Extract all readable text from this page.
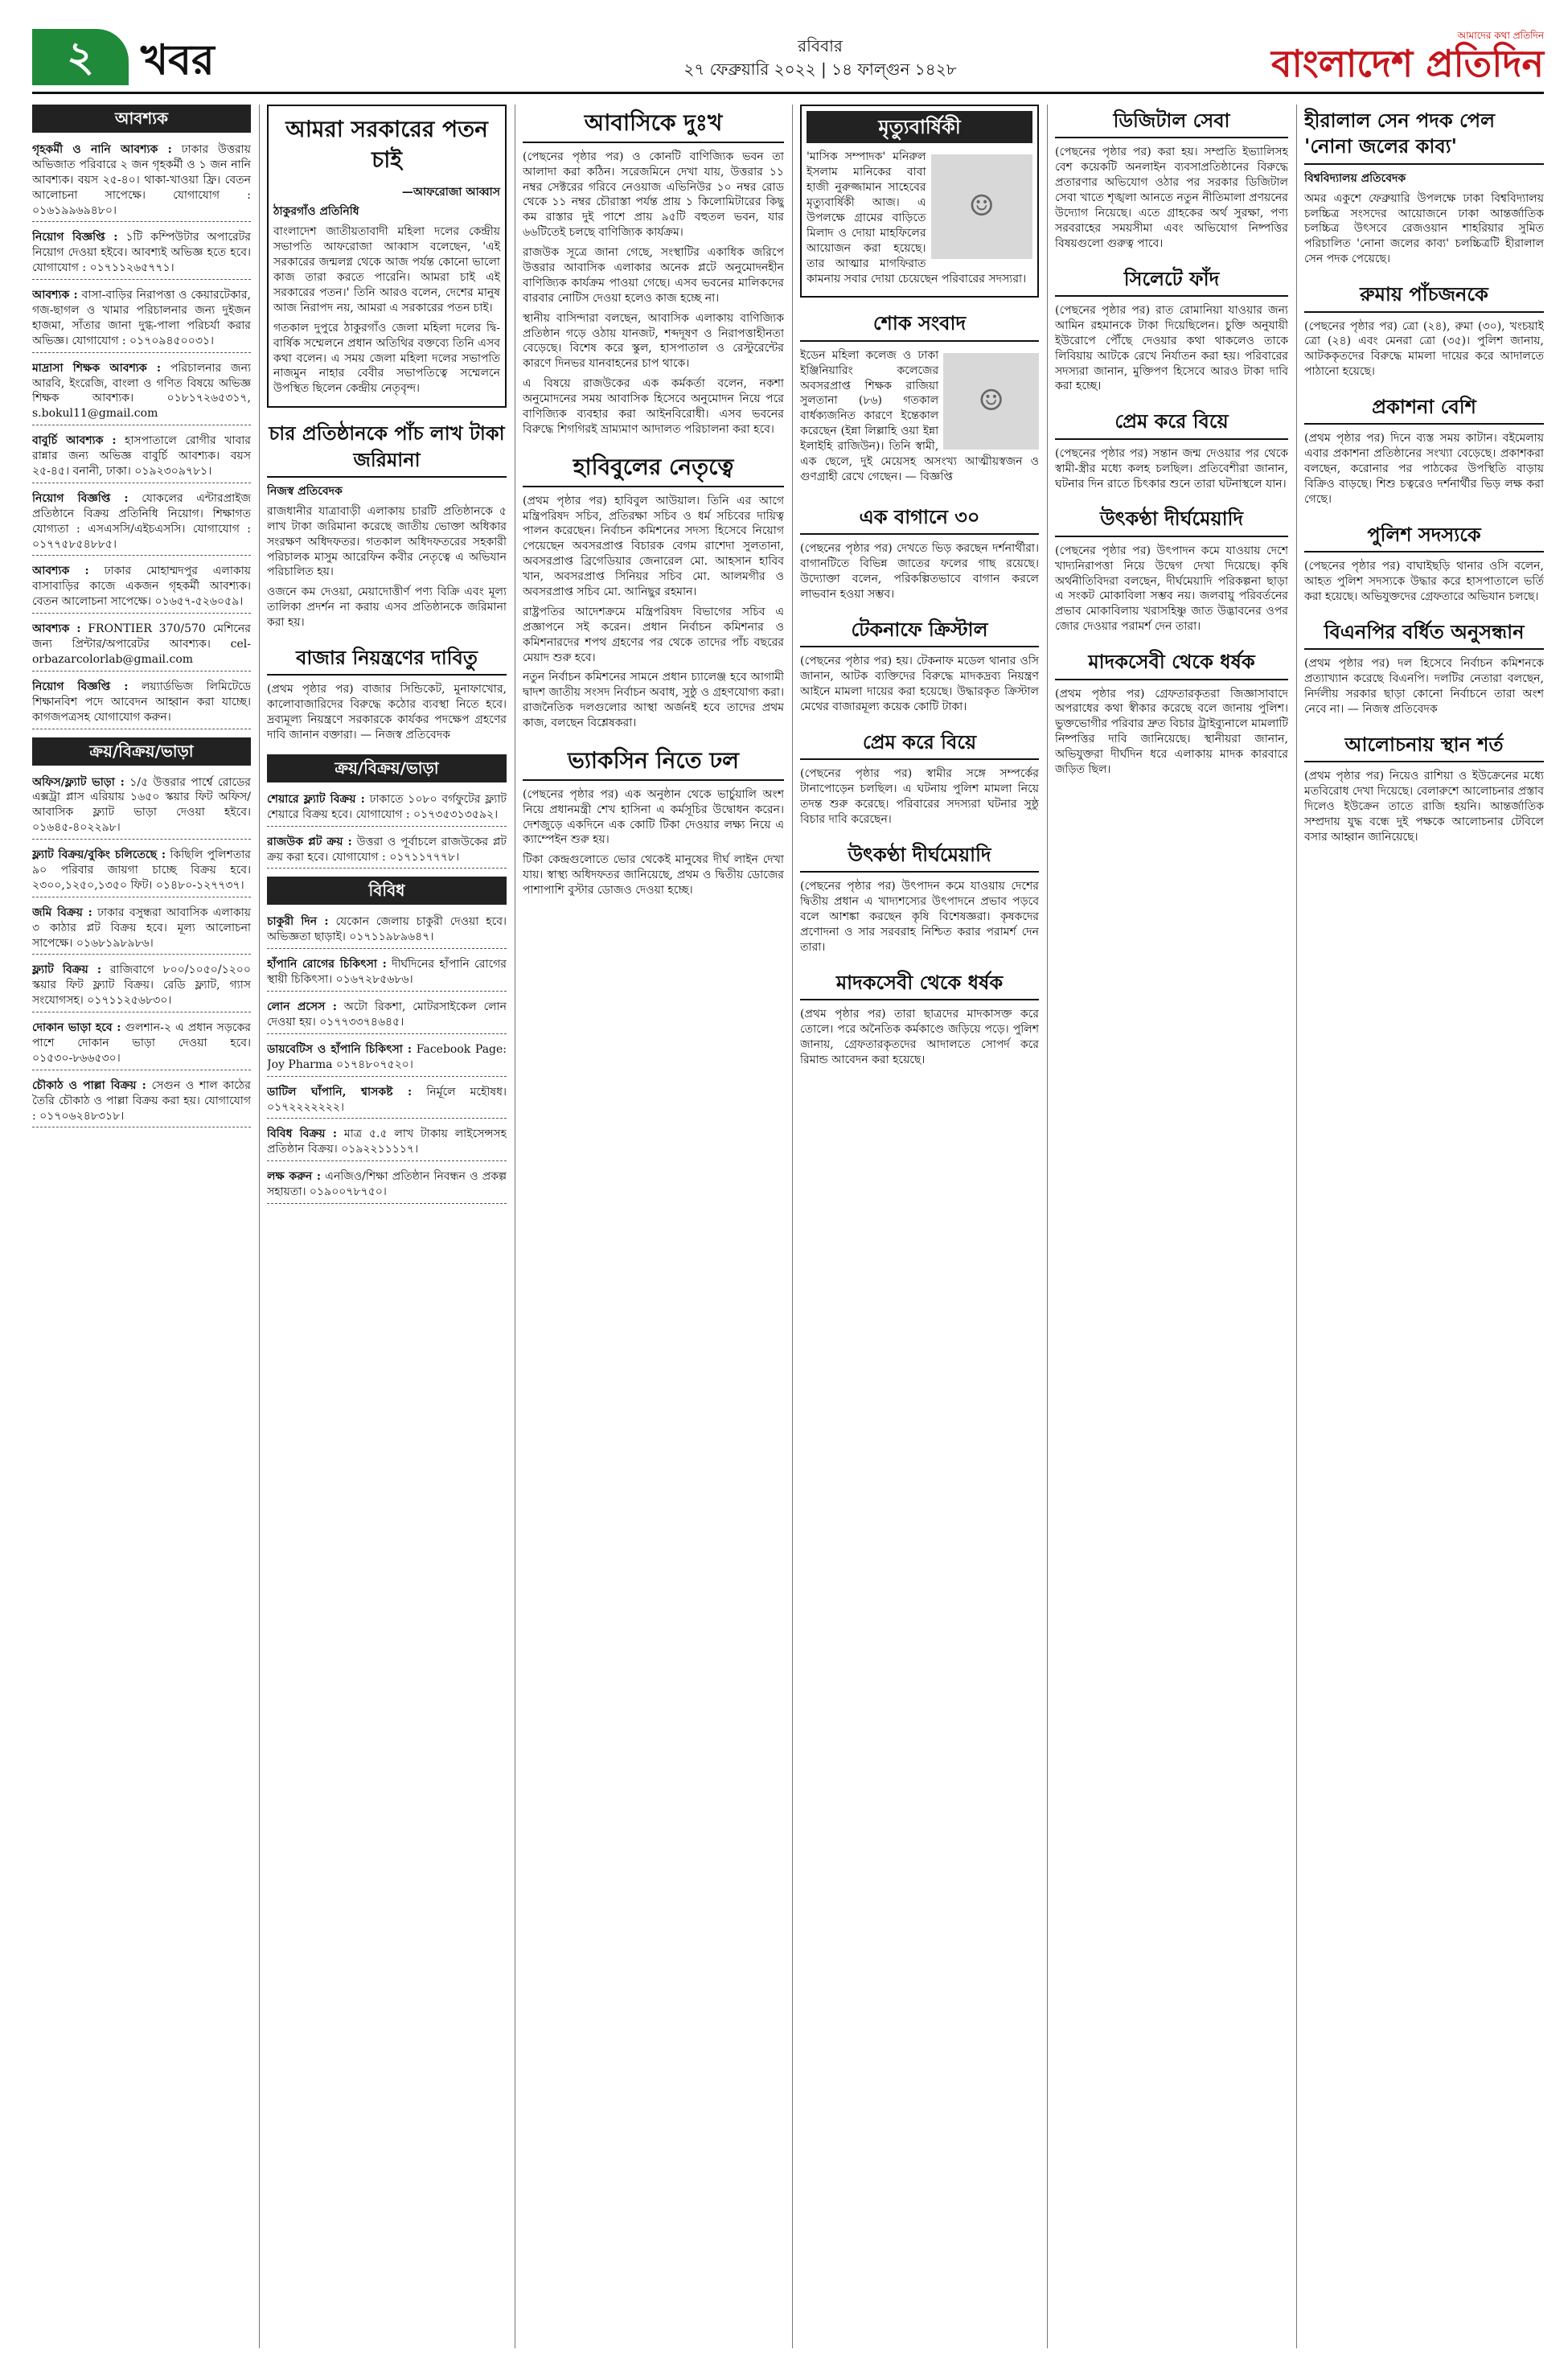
২	খবর	রবিবার
২৭ ফেব্রুয়ারি ২০২২ | ১৪ ফাল্গুন ১৪২৮
আমাদের কথা প্রতিদিন
বাংলাদেশ প্রতিদিন
আবশ্যক

গৃহকর্মী ও নানি আবশ্যক : ঢাকার উত্তরায় অভিজাত পরিবারে ২ জন গৃহকর্মী ও ১ জন নানি আবশ্যক। বয়স ২৫-৪০। থাকা-খাওয়া ফ্রি। বেতন আলোচনা সাপেক্ষে। যোগাযোগ : ০১৬১৯৯৬৯৪৮০।

নিয়োগ বিজ্ঞপ্তি : ১টি কম্পিউটার অপারেটর নিয়োগ দেওয়া হইবে। আবশ্যই অভিজ্ঞ হতে হবে। যোগাযোগ : ০১৭১১২৬৫৭৭১।

আবশ্যক : বাসা-বাড়ির নিরাপত্তা ও কেয়ারটেকার, গজ-ছাগল ও খামার পরিচালনার জন্য দুইজন হাজমা, সাঁতার জানা দুগ্ধ-পালা পরিচর্যা করার অভিজ্ঞ। যোগাযোগ : ০১৭০৯৪৫০০৩১।

মাদ্রাসা শিক্ষক আবশ্যক : পরিচালনার জন্য আরবি, ইংরেজি, বাংলা ও গণিত বিষয়ে অভিজ্ঞ শিক্ষক আবশ্যক। ০১৮১৭২৬৫৩১৭, s.bokul11@gmail.com

বাবুর্চি আবশ্যক : হাসপাতালে রোগীর খাবার রান্নার জন্য অভিজ্ঞ বাবুর্চি আবশ্যক। বয়স ২৫-৪৫। বনানী, ঢাকা। ০১৯২৩০৯৭৮১।

নিয়োগ বিজ্ঞপ্তি : যোকলের এন্টারপ্রাইজ প্রতিষ্ঠানে বিক্রয় প্রতিনিধি নিয়োগ। শিক্ষাগত যোগ্যতা : এসএসসি/এইচএসসি। যোগাযোগ : ০১৭৭৫৮৫৪৮৮৫।

আবশ্যক : ঢাকার মোহাম্মদপুর এলাকায় বাসাবাড়ির কাজে একজন গৃহকর্মী আবশ্যক। বেতন আলোচনা সাপেক্ষে। ০১৬৫৭-৫২৬০৫৯।

আবশ্যক : FRONTIER 370/570 মেশিনের জন্য প্রিন্টার/অপারেটর আবশ্যক। cel-orbazarcolorlab@gmail.com

নিয়োগ বিজ্ঞপ্তি : লয়্যার্ডভিজ লিমিটেডে শিক্ষানবিশ পদে আবেদন আহ্বান করা যাচ্ছে। কাগজপত্রসহ যোগাযোগ করুন।

ক্রয়/বিক্রয়/ভাড়া

অফিস/ফ্ল্যাট ভাড়া : ১/৫ উত্তরার পার্শ্বে রোডের এক্সট্রা প্লাস এরিয়ায় ১৬৫০ স্কয়ার ফিট অফিস/আবাসিক ফ্ল্যাট ভাড়া দেওয়া হইবে। ০১৬৪৫-৪০২২৯৮।

ফ্ল্যাট বিক্রয়/বুকিং চলিতেছে : কিছিলি পুলিশতার ৯০ পরিবার জায়গা চাচ্ছে বিক্রয় হবে। ২৩০০,১২৫০,১৩৫০ ফিট। ০১৪৮০-১২৭৭৩৭।

জমি বিক্রয় : ঢাকার বসুন্ধরা আবাসিক এলাকায় ৩ কাঠার প্লট বিক্রয় হবে। মূল্য আলোচনা সাপেক্ষে। ০১৬৮১৯৮৯৮৬।

ফ্ল্যাট বিক্রয় : রাজিবাগে ৮০০/১০৫০/১২০০ স্কয়ার ফিট ফ্ল্যাট বিক্রয়। রেডি ফ্ল্যাট, গ্যাস সংযোগসহ। ০১৭১১২৫৬৮৩০।

দোকান ভাড়া হবে : গুলশান-২ এ প্রধান সড়কের পাশে দোকান ভাড়া দেওয়া হবে। ০১৫৩০-৮৬৬৫৩০।

চৌকাঠ ও পাল্লা বিক্রয় : সেগুন ও শাল কাঠের তৈরি চৌকাঠ ও পাল্লা বিক্রয় করা হয়। যোগাযোগ : ০১৭০৬২৪৮৩১৮।

আমরা সরকারের পতন চাই
—আফরোজা আব্বাস
ঠাকুরগাঁও প্রতিনিধি

বাংলাদেশ জাতীয়তাবাদী মহিলা দলের কেন্দ্রীয় সভাপতি আফরোজা আব্বাস বলেছেন, 'এই সরকারের জন্মলগ্ন থেকে আজ পর্যন্ত কোনো ভালো কাজ তারা করতে পারেনি। আমরা চাই এই সরকারের পতন।' তিনি আরও বলেন, দেশের মানুষ আজ নিরাপদ নয়, আমরা এ সরকারের পতন চাই।

গতকাল দুপুরে ঠাকুরগাঁও জেলা মহিলা দলের দ্বি-বার্ষিক সম্মেলনে প্রধান অতিথির বক্তব্যে তিনি এসব কথা বলেন। এ সময় জেলা মহিলা দলের সভাপতি নাজমুন নাহার বেবীর সভাপতিত্বে সম্মেলনে উপস্থিত ছিলেন কেন্দ্রীয় নেতৃবৃন্দ।

চার প্রতিষ্ঠানকে পাঁচ লাখ টাকা জরিমানা
নিজস্ব প্রতিবেদক

রাজধানীর যাত্রাবাড়ী এলাকায় চারটি প্রতিষ্ঠানকে ৫ লাখ টাকা জরিমানা করেছে জাতীয় ভোক্তা অধিকার সংরক্ষণ অধিদফতর। গতকাল অধিদফতরের সহকারী পরিচালক মাসুম আরেফিন কবীর নেতৃত্বে এ অভিযান পরিচালিত হয়।

ওজনে কম দেওয়া, মেয়াদোত্তীর্ণ পণ্য বিক্রি এবং মূল্য তালিকা প্রদর্শন না করায় এসব প্রতিষ্ঠানকে জরিমানা করা হয়।

বাজার নিয়ন্ত্রণের দাবিতু

(প্রথম পৃষ্ঠার পর) বাজার সিন্ডিকেট, মুনাফাখোর, কালোবাজারিদের বিরুদ্ধে কঠোর ব্যবস্থা নিতে হবে। দ্রব্যমূল্য নিয়ন্ত্রণে সরকারকে কার্যকর পদক্ষেপ গ্রহণের দাবি জানান বক্তারা। — নিজস্ব প্রতিবেদক

ক্রয়/বিক্রয়/ভাড়া

শেয়ারে ফ্ল্যাট বিক্রয় : ঢাকাতে ১০৮০ বর্গফুটের ফ্ল্যাট শেয়ারে বিক্রয় হবে। যোগাযোগ : ০১৭৩৫৩১৩৫৯২।

রাজউক প্লট ক্রয় : উত্তরা ও পূর্বাচলে রাজউকের প্লট ক্রয় করা হবে। যোগাযোগ : ০১৭১১৭৭৭৮।

বিবিধ

চাকুরী দিন : যেকোন জেলায় চাকুরী দেওয়া হবে। অভিজ্ঞতা ছাড়াই। ০১৭১১৯৮৯৬৪৭।

হাঁপানি রোগের চিকিৎসা : দীর্ঘদিনের হাঁপানি রোগের স্থায়ী চিকিৎসা। ০১৬৭২৮৫৬৮৬।

লোন প্রসেস : অটো রিকশা, মোটরসাইকেল লোন দেওয়া হয়। ০১৭৭৩৩৭৪৬৪৫।

ডায়বেটিস ও হাঁপানি চিকিৎসা : Facebook Page: Joy Pharma ০১৭৪৮০৭৫২০।

ডাটিল ঘাঁপানি, শ্বাসকষ্ট : নির্মূলে মহৌষধ। ০১৭২২২২২২২।

বিবিধ বিক্রয় : মাত্র ৫.৫ লাখ টাকায় লাইসেন্সসহ প্রতিষ্ঠান বিক্রয়। ০১৯২২১১১১৭।

লক্ষ করুন : এনজিও/শিক্ষা প্রতিষ্ঠান নিবন্ধন ও প্রকল্প সহায়তা। ০১৯০০৭৮৭৫০।

আবাসিকে দুঃখ

(পেছনের পৃষ্ঠার পর) ও কোনটি বাণিজ্যিক ভবন তা আলাদা করা কঠিন। সরেজমিনে দেখা যায়, উত্তরার ১১ নম্বর সেক্টরের গরিবে নেওয়াজ এভিনিউর ১০ নম্বর রোড থেকে ১১ নম্বর চৌরাস্তা পর্যন্ত প্রায় ১ কিলোমিটারের কিছু কম রাস্তার দুই পাশে প্রায় ৯৫টি বহুতল ভবন, যার ৬৬টিতেই চলছে বাণিজ্যিক কার্যক্রম।

রাজউক সূত্রে জানা গেছে, সংস্থাটির একাধিক জরিপে উত্তরার আবাসিক এলাকার অনেক প্লটে অনুমোদনহীন বাণিজ্যিক কার্যক্রম পাওয়া গেছে। এসব ভবনের মালিকদের বারবার নোটিস দেওয়া হলেও কাজ হচ্ছে না।

স্থানীয় বাসিন্দারা বলছেন, আবাসিক এলাকায় বাণিজ্যিক প্রতিষ্ঠান গড়ে ওঠায় যানজট, শব্দদূষণ ও নিরাপত্তাহীনতা বেড়েছে। বিশেষ করে স্কুল, হাসপাতাল ও রেস্টুরেন্টের কারণে দিনভর যানবাহনের চাপ থাকে।

এ বিষয়ে রাজউকের এক কর্মকর্তা বলেন, নকশা অনুমোদনের সময় আবাসিক হিসেবে অনুমোদন নিয়ে পরে বাণিজ্যিক ব্যবহার করা আইনবিরোধী। এসব ভবনের বিরুদ্ধে শিগগিরই ভ্রাম্যমাণ আদালত পরিচালনা করা হবে।

হাবিবুলের নেতৃত্বে

(প্রথম পৃষ্ঠার পর) হাবিবুল আউয়াল। তিনি এর আগে মন্ত্রিপরিষদ সচিব, প্রতিরক্ষা সচিব ও ধর্ম সচিবের দায়িত্ব পালন করেছেন। নির্বাচন কমিশনের সদস্য হিসেবে নিয়োগ পেয়েছেন অবসরপ্রাপ্ত বিচারক বেগম রাশেদা সুলতানা, অবসরপ্রাপ্ত ব্রিগেডিয়ার জেনারেল মো. আহসান হাবিব খান, অবসরপ্রাপ্ত সিনিয়র সচিব মো. আলমগীর ও অবসরপ্রাপ্ত সচিব মো. আনিছুর রহমান।

রাষ্ট্রপতির আদেশক্রমে মন্ত্রিপরিষদ বিভাগের সচিব এ প্রজ্ঞাপনে সই করেন। প্রধান নির্বাচন কমিশনার ও কমিশনারদের শপথ গ্রহণের পর থেকে তাদের পাঁচ বছরের মেয়াদ শুরু হবে।

নতুন নির্বাচন কমিশনের সামনে প্রধান চ্যালেঞ্জ হবে আগামী দ্বাদশ জাতীয় সংসদ নির্বাচন অবাধ, সুষ্ঠু ও গ্রহণযোগ্য করা। রাজনৈতিক দলগুলোর আস্থা অর্জনই হবে তাদের প্রথম কাজ, বলছেন বিশ্লেষকরা।

ভ্যাকসিন নিতে ঢল

(পেছনের পৃষ্ঠার পর) এক অনুষ্ঠান থেকে ভার্চুয়ালি অংশ নিয়ে প্রধানমন্ত্রী শেখ হাসিনা এ কর্মসূচির উদ্বোধন করেন। দেশজুড়ে একদিনে এক কোটি টিকা দেওয়ার লক্ষ্য নিয়ে এ ক্যাম্পেইন শুরু হয়।

টিকা কেন্দ্রগুলোতে ভোর থেকেই মানুষের দীর্ঘ লাইন দেখা যায়। স্বাস্থ্য অধিদফতর জানিয়েছে, প্রথম ও দ্বিতীয় ডোজের পাশাপাশি বুস্টার ডোজও দেওয়া হচ্ছে।

মৃত্যুবার্ষিকী
☺

'মাসিক সম্পাদক' মনিরুল ইসলাম মানিকের বাবা হাজী নুরুজ্জামান সাহেবের মৃত্যুবার্ষিকী আজ। এ উপলক্ষে গ্রামের বাড়িতে মিলাদ ও দোয়া মাহফিলের আয়োজন করা হয়েছে। তার আত্মার মাগফিরাত কামনায় সবার দোয়া চেয়েছেন পরিবারের সদস্যরা।

শোক সংবাদ
☺

ইডেন মহিলা কলেজ ও ঢাকা ইঞ্জিনিয়ারিং কলেজের অবসরপ্রাপ্ত শিক্ষক রাজিয়া সুলতানা (৮৬) গতকাল বার্ধক্যজনিত কারণে ইন্তেকাল করেছেন (ইন্না লিল্লাহি ওয়া ইন্না ইলাইহি রাজিউন)। তিনি স্বামী, এক ছেলে, দুই মেয়েসহ অসংখ্য আত্মীয়স্বজন ও গুণগ্রাহী রেখে গেছেন। — বিজ্ঞপ্তি

এক বাগানে ৩০

(পেছনের পৃষ্ঠার পর) দেখতে ভিড় করছেন দর্শনার্থীরা। বাগানটিতে বিভিন্ন জাতের ফলের গাছ রয়েছে। উদ্যোক্তা বলেন, পরিকল্পিতভাবে বাগান করলে লাভবান হওয়া সম্ভব।

টেকনাফে ক্রিস্টাল

(পেছনের পৃষ্ঠার পর) হয়। টেকনাফ মডেল থানার ওসি জানান, আটক ব্যক্তিদের বিরুদ্ধে মাদকদ্রব্য নিয়ন্ত্রণ আইনে মামলা দায়ের করা হয়েছে। উদ্ধারকৃত ক্রিস্টাল মেথের বাজারমূল্য কয়েক কোটি টাকা।

প্রেম করে বিয়ে

(পেছনের পৃষ্ঠার পর) স্বামীর সঙ্গে সম্পর্কের টানাপোড়েন চলছিল। এ ঘটনায় পুলিশ মামলা নিয়ে তদন্ত শুরু করেছে। পরিবারের সদস্যরা ঘটনার সুষ্ঠু বিচার দাবি করেছেন।

উৎকণ্ঠা দীর্ঘমেয়াদি

(পেছনের পৃষ্ঠার পর) উৎপাদন কমে যাওয়ায় দেশের দ্বিতীয় প্রধান এ খাদ্যশস্যের উৎপাদনে প্রভাব পড়বে বলে আশঙ্কা করছেন কৃষি বিশেষজ্ঞরা। কৃষকদের প্রণোদনা ও সার সরবরাহ নিশ্চিত করার পরামর্শ দেন তারা।

মাদকসেবী থেকে ধর্ষক

(প্রথম পৃষ্ঠার পর) তারা ছাত্রদের মাদকাসক্ত করে তোলে। পরে অনৈতিক কর্মকাণ্ডে জড়িয়ে পড়ে। পুলিশ জানায়, গ্রেফতারকৃতদের আদালতে সোপর্দ করে রিমান্ড আবেদন করা হয়েছে।

ডিজিটাল সেবা

(পেছনের পৃষ্ঠার পর) করা হয়। সম্প্রতি ইভ্যালিসহ বেশ কয়েকটি অনলাইন ব্যবসাপ্রতিষ্ঠানের বিরুদ্ধে প্রতারণার অভিযোগ ওঠার পর সরকার ডিজিটাল সেবা খাতে শৃঙ্খলা আনতে নতুন নীতিমালা প্রণয়নের উদ্যোগ নিয়েছে। এতে গ্রাহকের অর্থ সুরক্ষা, পণ্য সরবরাহের সময়সীমা এবং অভিযোগ নিষ্পত্তির বিষয়গুলো গুরুত্ব পাবে।

সিলেটে ফাঁদ

(পেছনের পৃষ্ঠার পর) রাত রোমানিয়া যাওয়ার জন্য আমিন রহমানকে টাকা দিয়েছিলেন। চুক্তি অনুযায়ী ইউরোপে পৌঁছে দেওয়ার কথা থাকলেও তাকে লিবিয়ায় আটকে রেখে নির্যাতন করা হয়। পরিবারের সদস্যরা জানান, মুক্তিপণ হিসেবে আরও টাকা দাবি করা হচ্ছে।

প্রেম করে বিয়ে

(পেছনের পৃষ্ঠার পর) সন্তান জন্ম দেওয়ার পর থেকে স্বামী-স্ত্রীর মধ্যে কলহ চলছিল। প্রতিবেশীরা জানান, ঘটনার দিন রাতে চিৎকার শুনে তারা ঘটনাস্থলে যান।

উৎকণ্ঠা দীর্ঘমেয়াদি

(পেছনের পৃষ্ঠার পর) উৎপাদন কমে যাওয়ায় দেশে খাদ্যনিরাপত্তা নিয়ে উদ্বেগ দেখা দিয়েছে। কৃষি অর্থনীতিবিদরা বলছেন, দীর্ঘমেয়াদি পরিকল্পনা ছাড়া এ সংকট মোকাবিলা সম্ভব নয়। জলবায়ু পরিবর্তনের প্রভাব মোকাবিলায় খরাসহিষ্ণু জাত উদ্ভাবনের ওপর জোর দেওয়ার পরামর্শ দেন তারা।

মাদকসেবী থেকে ধর্ষক

(প্রথম পৃষ্ঠার পর) গ্রেফতারকৃতরা জিজ্ঞাসাবাদে অপরাধের কথা স্বীকার করেছে বলে জানায় পুলিশ। ভুক্তভোগীর পরিবার দ্রুত বিচার ট্রাইব্যুনালে মামলাটি নিষ্পত্তির দাবি জানিয়েছে। স্থানীয়রা জানান, অভিযুক্তরা দীর্ঘদিন ধরে এলাকায় মাদক কারবারে জড়িত ছিল।

হীরালাল সেন পদক পেল 'নোনা জলের কাব্য'
বিশ্ববিদ্যালয় প্রতিবেদক

অমর একুশে ফেব্রুয়ারি উপলক্ষে ঢাকা বিশ্ববিদ্যালয় চলচ্চিত্র সংসদের আয়োজনে ঢাকা আন্তর্জাতিক চলচ্চিত্র উৎসবে রেজওয়ান শাহরিয়ার সুমিত পরিচালিত 'নোনা জলের কাব্য' চলচ্চিত্রটি হীরালাল সেন পদক পেয়েছে।

রুমায় পাঁচজনকে

(পেছনের পৃষ্ঠার পর) ত্রো (২৪), রুমা (৩০), খংচয়াই ত্রো (২৪) এবং মেনরা ত্রো (৩৫)। পুলিশ জানায়, আটককৃতদের বিরুদ্ধে মামলা দায়ের করে আদালতে পাঠানো হয়েছে।

প্রকাশনা বেশি

(প্রথম পৃষ্ঠার পর) দিনে ব্যস্ত সময় কাটান। বইমেলায় এবার প্রকাশনা প্রতিষ্ঠানের সংখ্যা বেড়েছে। প্রকাশকরা বলছেন, করোনার পর পাঠকের উপস্থিতি বাড়ায় বিক্রিও বাড়ছে। শিশু চত্বরেও দর্শনার্থীর ভিড় লক্ষ করা গেছে।

পুলিশ সদস্যকে

(পেছনের পৃষ্ঠার পর) বাঘাইছড়ি থানার ওসি বলেন, আহত পুলিশ সদস্যকে উদ্ধার করে হাসপাতালে ভর্তি করা হয়েছে। অভিযুক্তদের গ্রেফতারে অভিযান চলছে।

বিএনপির বর্ধিত অনুসন্ধান

(প্রথম পৃষ্ঠার পর) দল হিসেবে নির্বাচন কমিশনকে প্রত্যাখ্যান করেছে বিএনপি। দলটির নেতারা বলছেন, নির্দলীয় সরকার ছাড়া কোনো নির্বাচনে তারা অংশ নেবে না। — নিজস্ব প্রতিবেদক

আলোচনায় স্থান শর্ত

(প্রথম পৃষ্ঠার পর) নিয়েও রাশিয়া ও ইউক্রেনের মধ্যে মতবিরোধ দেখা দিয়েছে। বেলারুশে আলোচনার প্রস্তাব দিলেও ইউক্রেন তাতে রাজি হয়নি। আন্তর্জাতিক সম্প্রদায় যুদ্ধ বন্ধে দুই পক্ষকে আলোচনার টেবিলে বসার আহ্বান জানিয়েছে।
